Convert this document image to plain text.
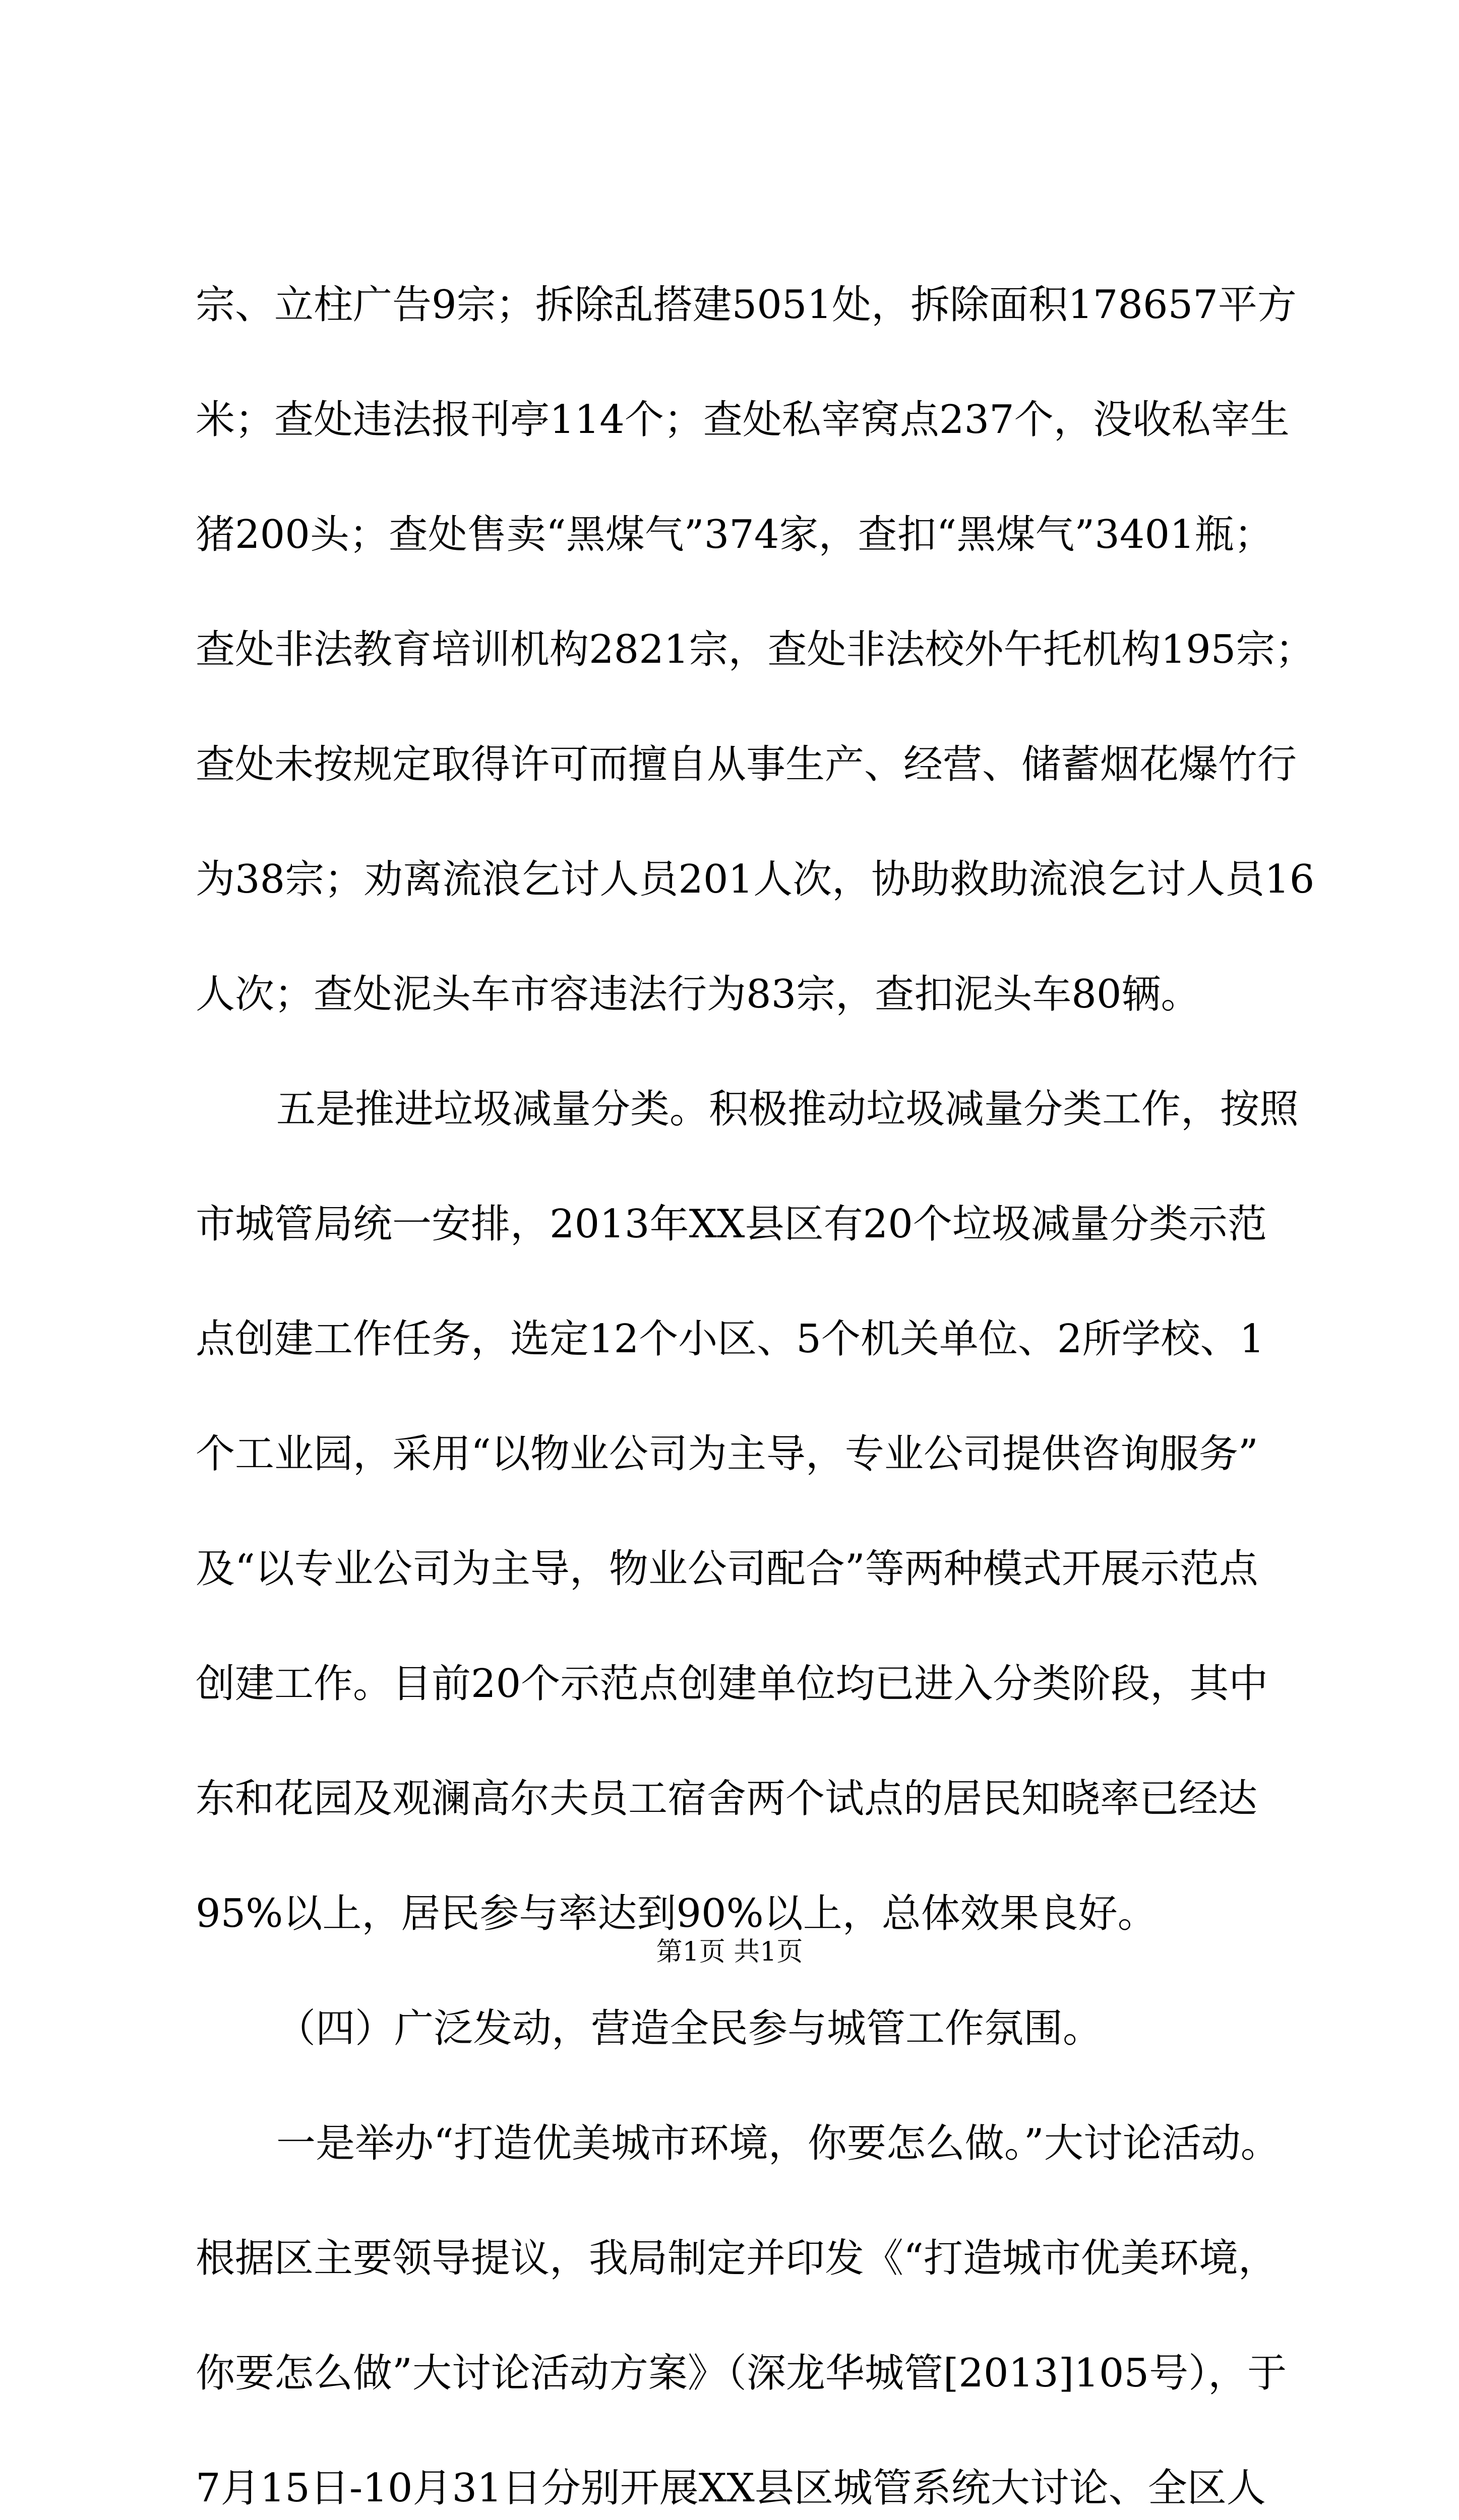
宗、立柱广告9宗；拆除乱搭建5051处，拆除面积178657平方
米；查处违法报刊亭114个；查处私宰窝点237个，没收私宰生
猪200头；查处售卖“黑煤气”374家，查扣“黑煤气”3401瓶；
查处非法教育培训机构2821宗，查处非法校外午托机构195宗；
查处未按规定取得许可而擅自从事生产、经营、储蓄烟花爆竹行
为38宗；劝离流浪乞讨人员201人次，协助救助流浪乞讨人员16
人次；查处泥头车市容违法行为83宗，查扣泥头车80辆。
五是推进垃圾减量分类。积极推动垃圾减量分类工作，按照
市城管局统一安排，2013年XX县区有20个垃圾减量分类示范
点创建工作任务，选定12个小区、5个机关单位、2所学校、1
个工业园，采用“以物业公司为主导，专业公司提供咨询服务”
及“以专业公司为主导，物业公司配合”等两种模式开展示范点
创建工作。目前20个示范点创建单位均已进入分类阶段，其中
东和花园及观澜高尔夫员工宿舍两个试点的居民知晓率已经达
95%以上，居民参与率达到90%以上，总体效果良好。
（四）广泛发动，营造全民参与城管工作氛围。
一是举办“打造优美城市环境，你要怎么做。”大讨论活动。
根据区主要领导提议，我局制定并印发《“打造城市优美环境，
你要怎么做”大讨论活动方案》（深龙华城管[2013]105号），于
7月15日-10月31日分别开展XX县区城管系统大讨论、全区人
第1页 共1页
